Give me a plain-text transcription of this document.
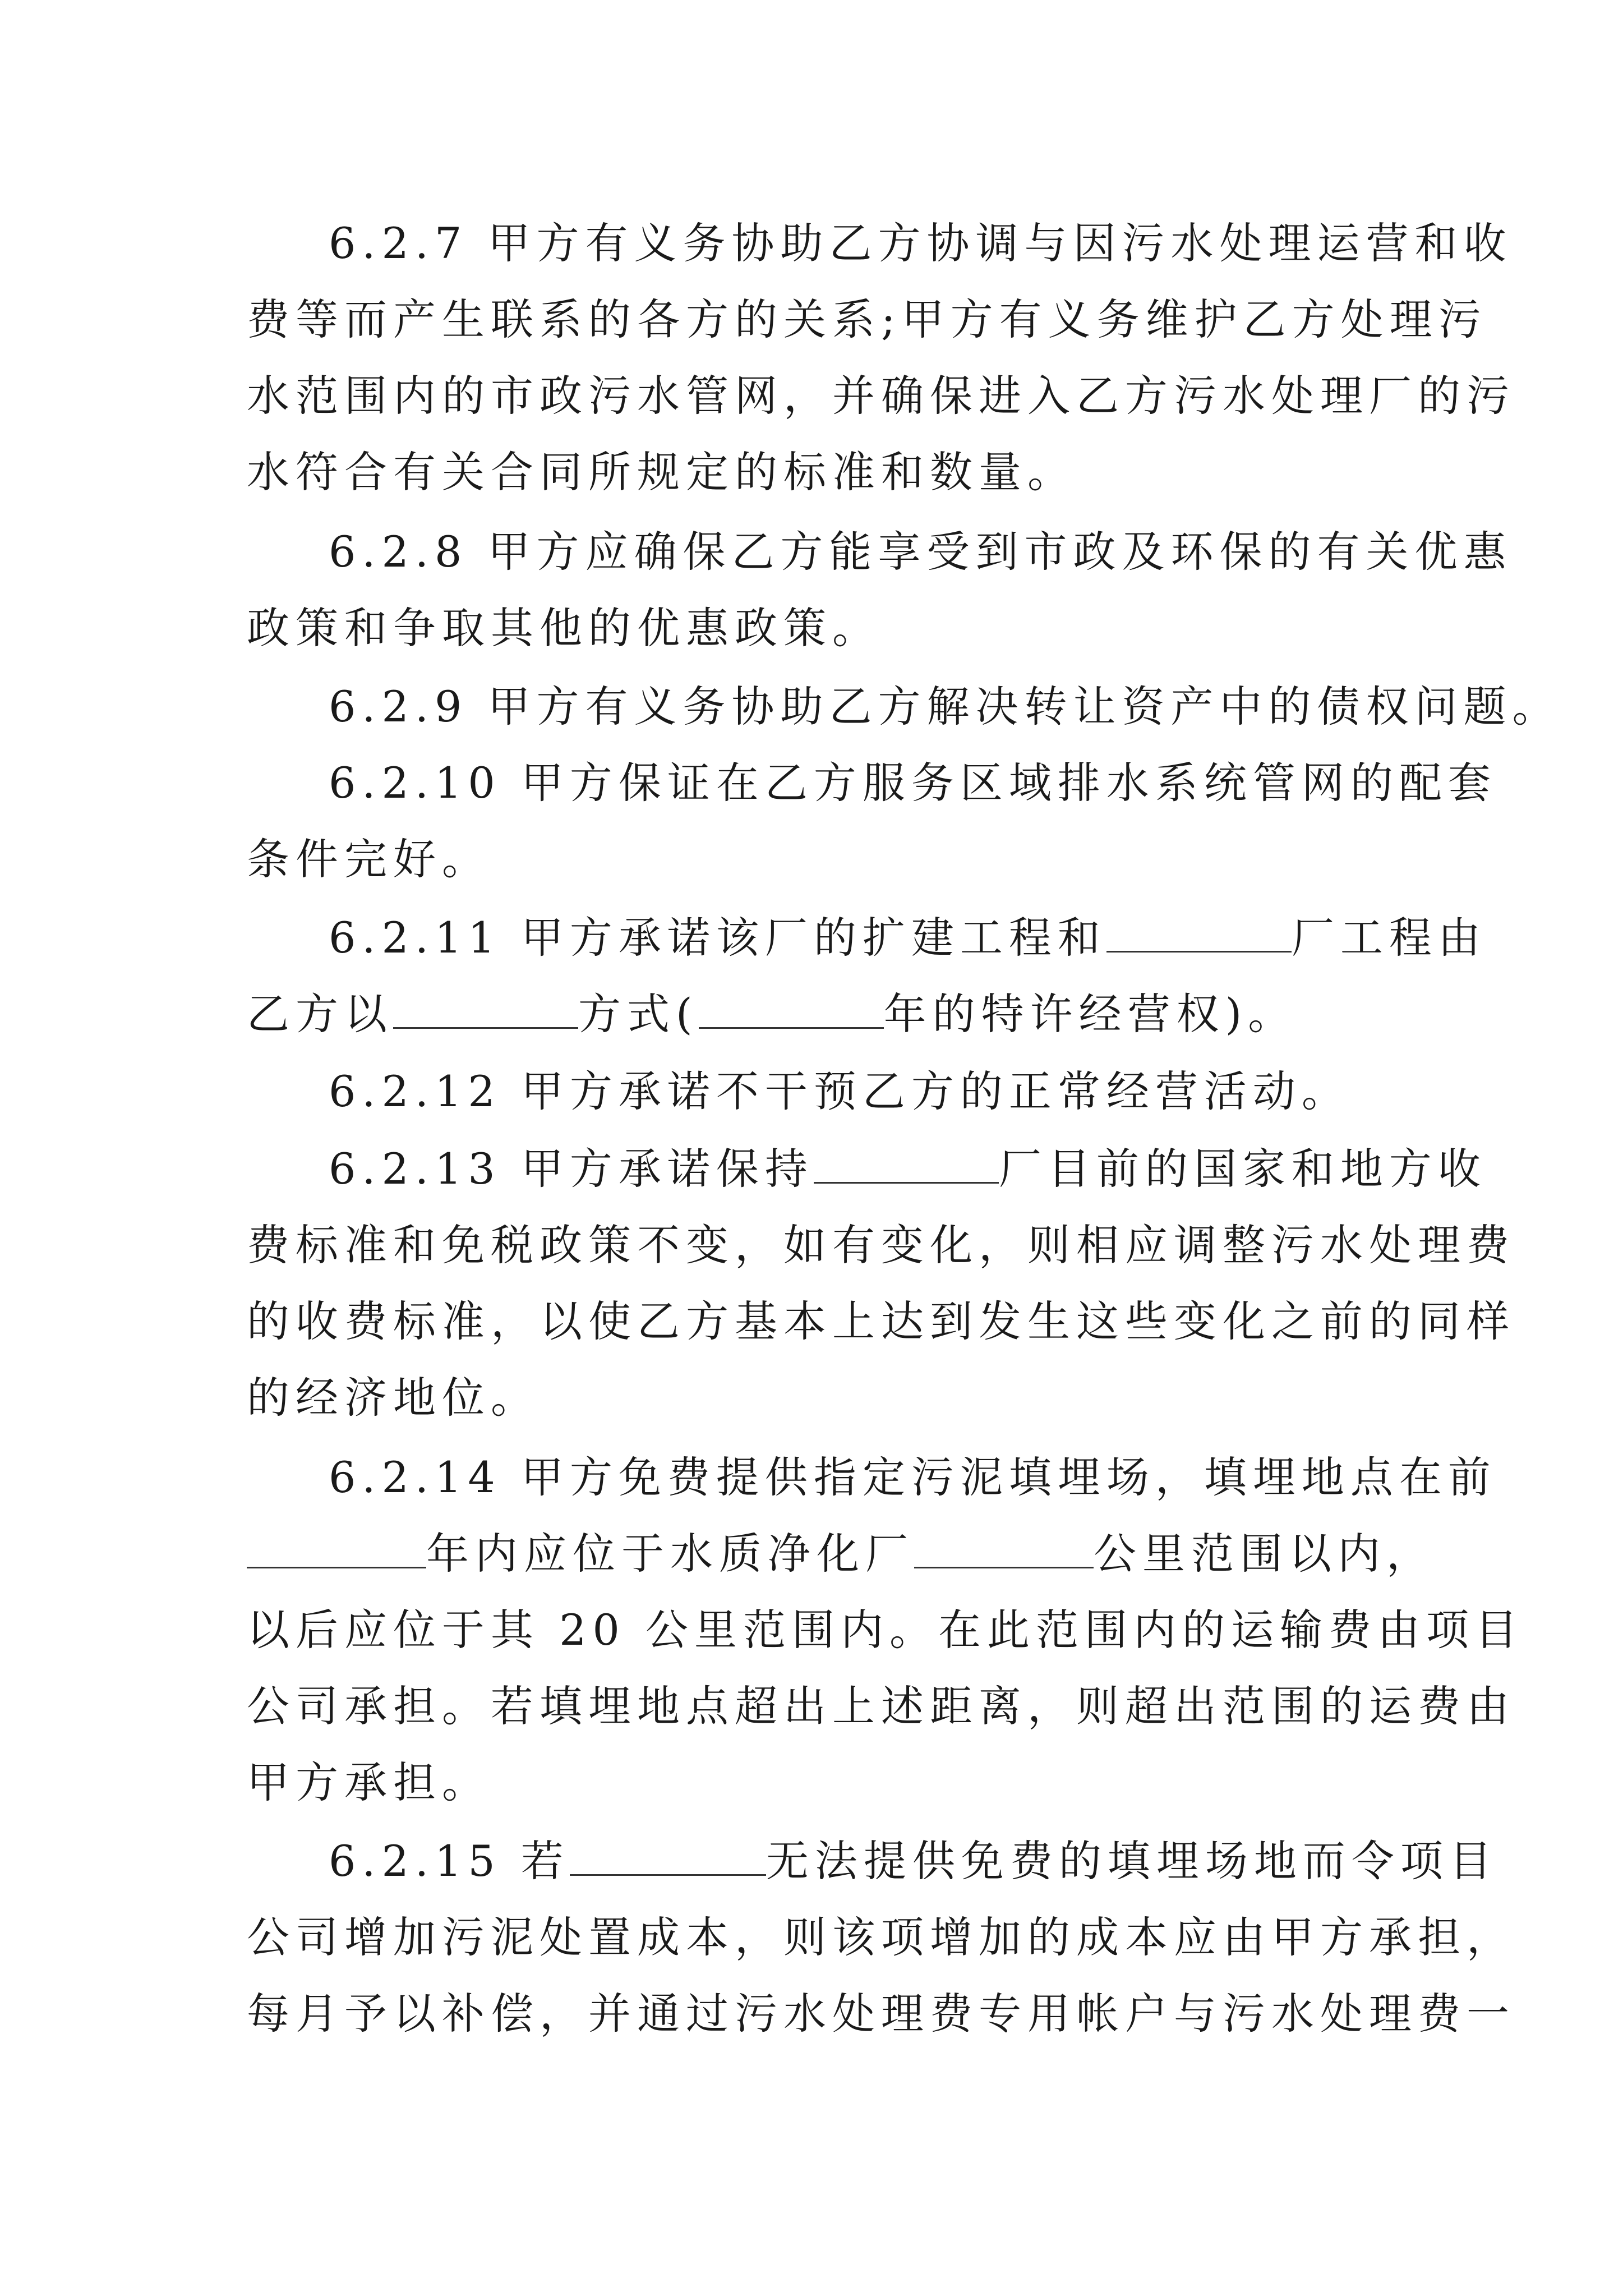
6.2.7 甲方有义务协助乙方协调与因污水处理运营和收

费等而产生联系的各方的关系;甲方有义务维护乙方处理污

水范围内的市政污水管网，并确保进入乙方污水处理厂的污

水符合有关合同所规定的标准和数量。

6.2.8 甲方应确保乙方能享受到市政及环保的有关优惠

政策和争取其他的优惠政策。

6.2.9 甲方有义务协助乙方解决转让资产中的债权问题。

6.2.10 甲方保证在乙方服务区域排水系统管网的配套

条件完好。

6.2.11 甲方承诺该厂的扩建工程和	厂工程由

乙方以	方式(	年的特许经营权)。

6.2.12 甲方承诺不干预乙方的正常经营活动。

6.2.13 甲方承诺保持	厂目前的国家和地方收

费标准和免税政策不变，如有变化，则相应调整污水处理费

的收费标准，以使乙方基本上达到发生这些变化之前的同样

的经济地位。

6.2.14 甲方免费提供指定污泥填埋场，填埋地点在前

年内应位于水质净化厂	公里范围以内，

以后应位于其 20 公里范围内。在此范围内的运输费由项目

公司承担。若填埋地点超出上述距离，则超出范围的运费由

甲方承担。

6.2.15 若	无法提供免费的填埋场地而令项目

公司增加污泥处置成本，则该项增加的成本应由甲方承担，

每月予以补偿，并通过污水处理费专用帐户与污水处理费一
